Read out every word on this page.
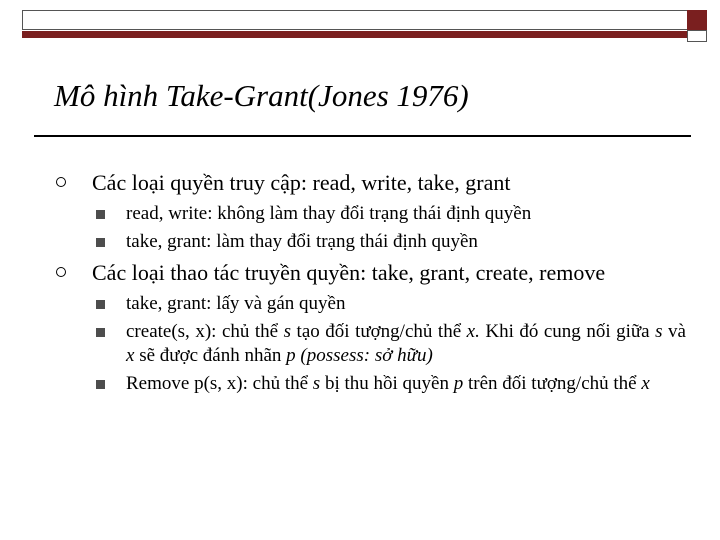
Mô hình Take-Grant(Jones 1976)
Các loại quyền truy cập: read, write, take, grant
read, write: không làm thay đổi trạng thái định quyền
take, grant: làm thay đổi trạng thái định quyền
Các loại thao tác truyền quyền: take, grant, create, remove
take, grant: lấy và gán quyền
create(s, x): chủ thể s tạo đối tượng/chủ thể x. Khi đó cung nối giữa s và x sẽ được đánh nhãn p (possess: sở hữu)
Remove p(s, x): chủ thể s bị thu hồi quyền p trên đối tượng/chủ thể x
